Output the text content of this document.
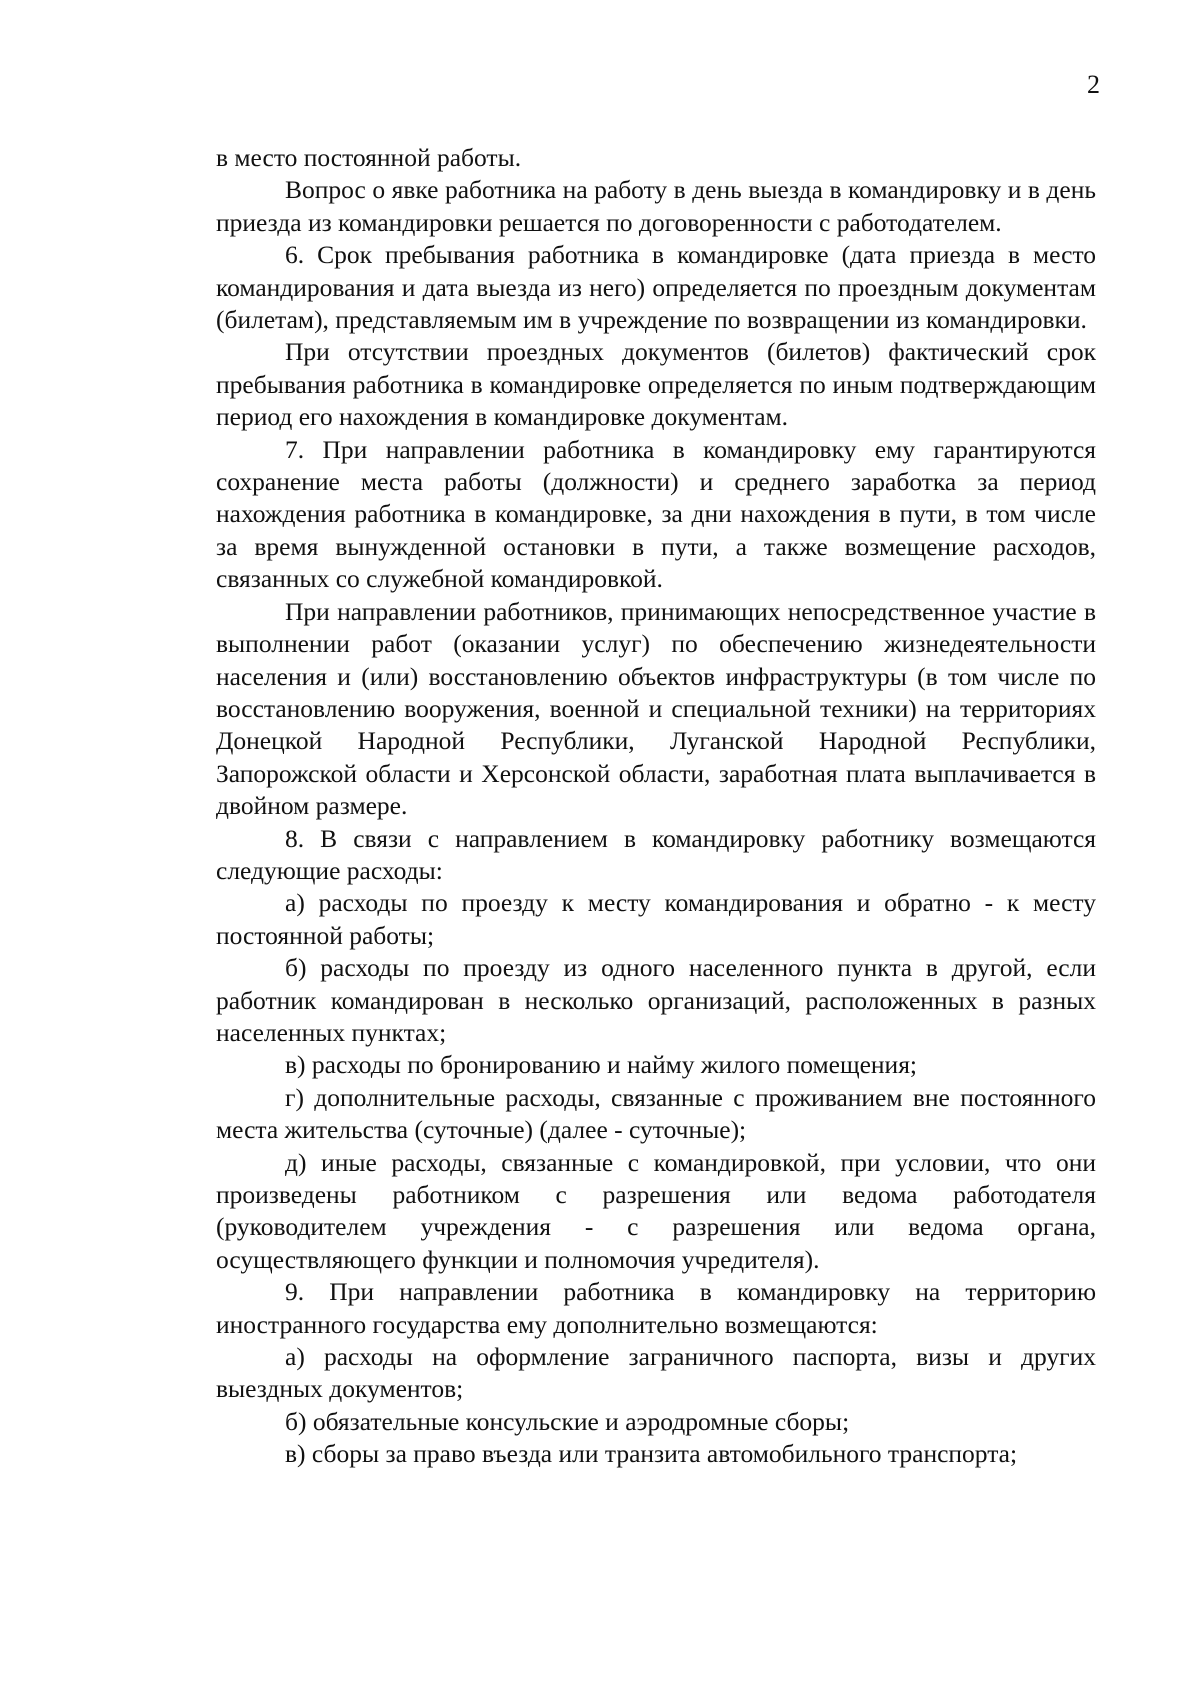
2

в место постоянной работы.

Вопрос о явке работника на работу в день выезда в командировку и в день приезда из командировки решается по договоренности с работодателем.

6. Срок пребывания работника в командировке (дата приезда в место командирования и дата выезда из него) определяется по проездным документам (билетам), представляемым им в учреждение по возвращении из командировки.

При отсутствии проездных документов (билетов) фактический срок пребывания работника в командировке определяется по иным подтверждающим период его нахождения в командировке документам.

7. При направлении работника в командировку ему гарантируются сохранение места работы (должности) и среднего заработка за период нахождения работника в командировке, за дни нахождения в пути, в том числе за время вынужденной остановки в пути, а также возмещение расходов, связанных со служебной командировкой.

При направлении работников, принимающих непосредственное участие в выполнении работ (оказании услуг) по обеспечению жизнедеятельности населения и (или) восстановлению объектов инфраструктуры (в том числе по восстановлению вооружения, военной и специальной техники) на территориях Донецкой Народной Республики, Луганской Народной Республики, Запорожской области и Херсонской области, заработная плата выплачивается в двойном размере.

8. В связи с направлением в командировку работнику возмещаются следующие расходы:

а) расходы по проезду к месту командирования и обратно - к месту постоянной работы;

б) расходы по проезду из одного населенного пункта в другой, если работник командирован в несколько организаций, расположенных в разных населенных пунктах;

в) расходы по бронированию и найму жилого помещения;

г) дополнительные расходы, связанные с проживанием вне постоянного места жительства (суточные) (далее - суточные);

д) иные расходы, связанные с командировкой, при условии, что они произведены работником с разрешения или ведома работодателя (руководителем учреждения - с разрешения или ведома органа, осуществляющего функции и полномочия учредителя).

9. При направлении работника в командировку на территорию иностранного государства ему дополнительно возмещаются:

а) расходы на оформление заграничного паспорта, визы и других выездных документов;

б) обязательные консульские и аэродромные сборы;

в) сборы за право въезда или транзита автомобильного транспорта;
